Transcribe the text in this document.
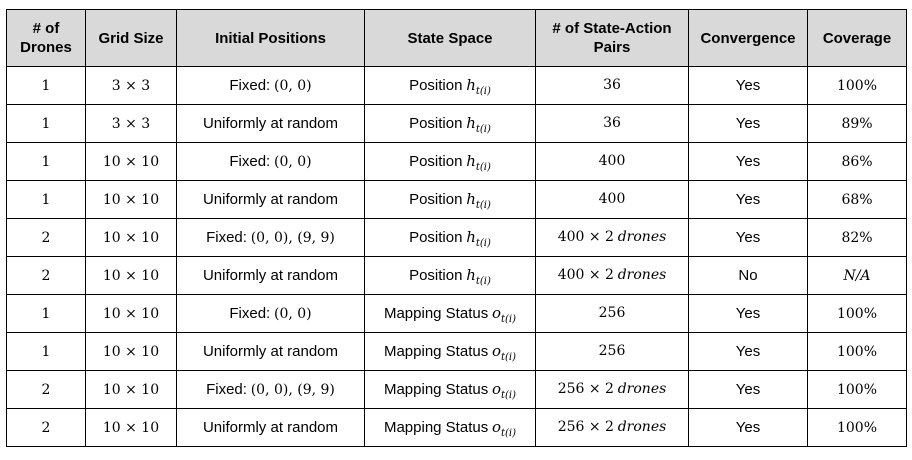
# of Drones	Grid Size	Initial Positions	State Space	# of State-Action Pairs	Convergence	Coverage
1	3 × 3	Fixed: (0, 0)	Position $h_{t(i)}$	36	Yes	100%
1	3 × 3	Uniformly at random	Position $h_{t(i)}$	36	Yes	89%
1	10 × 10	Fixed: (0, 0)	Position $h_{t(i)}$	400	Yes	86%
1	10 × 10	Uniformly at random	Position $h_{t(i)}$	400	Yes	68%
2	10 × 10	Fixed: (0, 0), (9, 9)	Position $h_{t(i)}$	400 × 2 drones	Yes	82%
2	10 × 10	Uniformly at random	Position $h_{t(i)}$	400 × 2 drones	No	N/A
1	10 × 10	Fixed: (0, 0)	Mapping Status $o_{t(i)}$	256	Yes	100%
1	10 × 10	Uniformly at random	Mapping Status $o_{t(i)}$	256	Yes	100%
2	10 × 10	Fixed: (0, 0), (9, 9)	Mapping Status $o_{t(i)}$	256 × 2 drones	Yes	100%
2	10 × 10	Uniformly at random	Mapping Status $o_{t(i)}$	256 × 2 drones	Yes	100%
